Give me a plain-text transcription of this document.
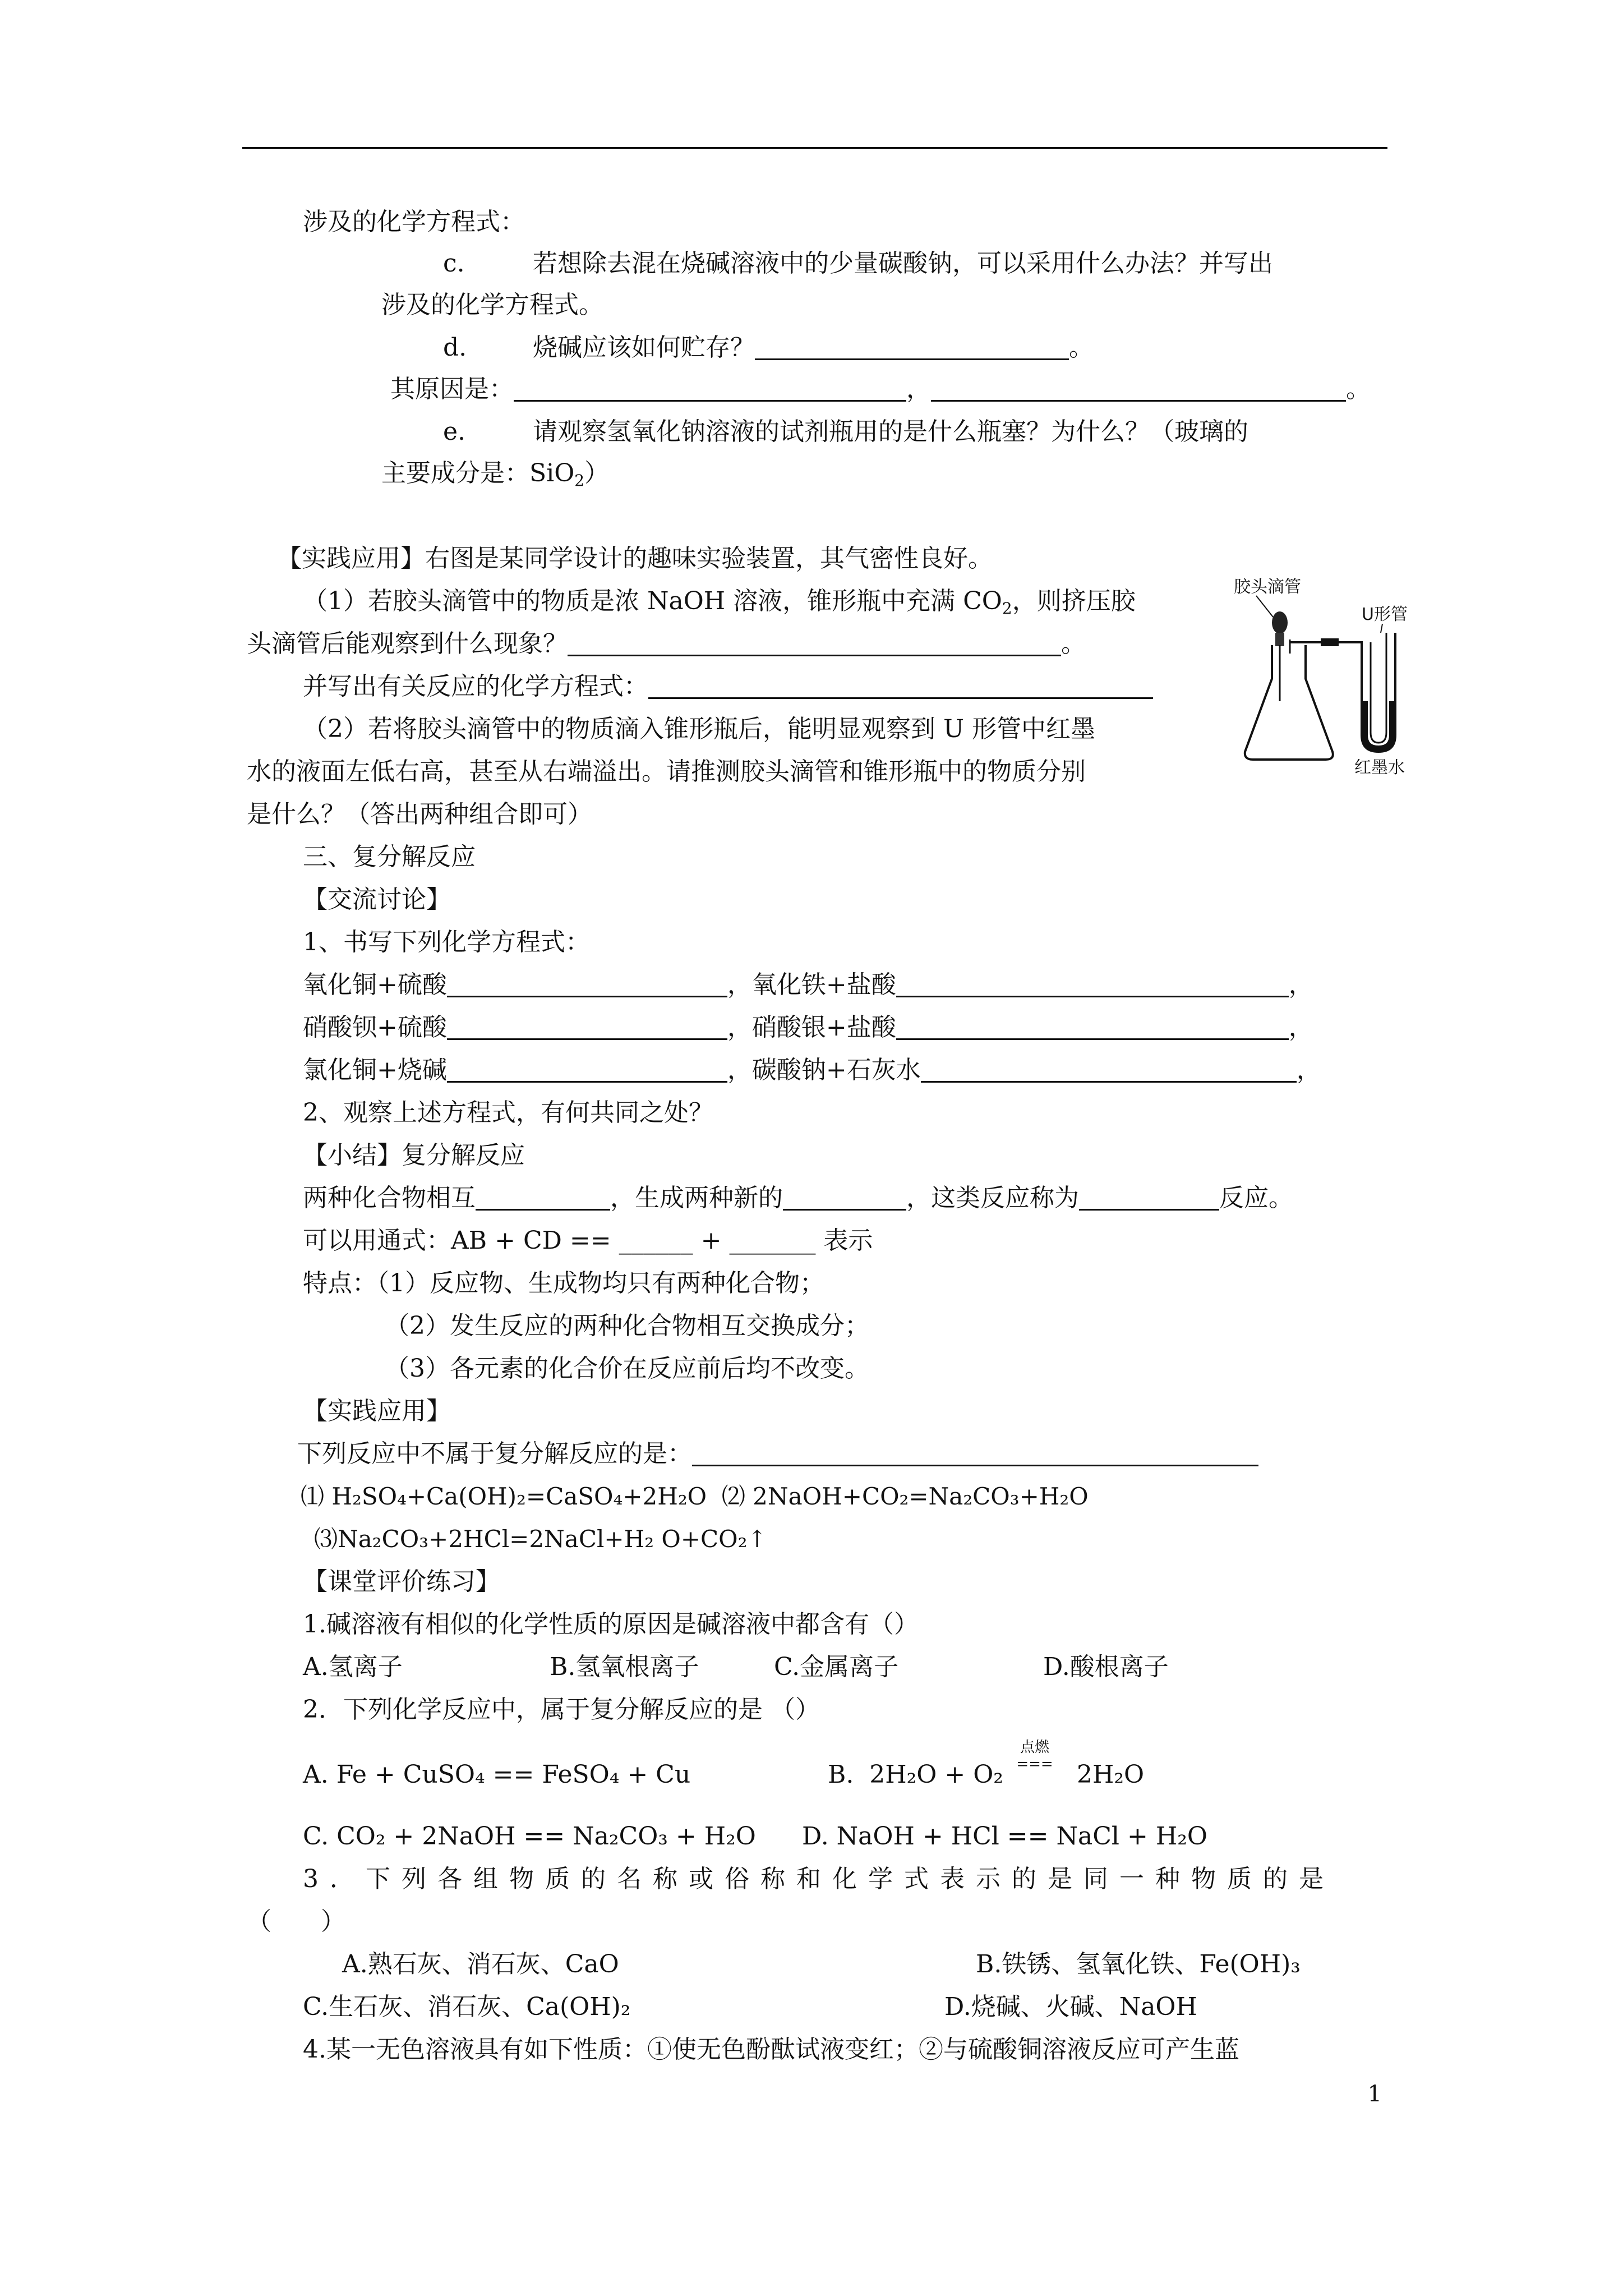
涉及的化学方程式：
c.	若想除去混在烧碱溶液中的少量碳酸钠，可以采用什么办法？并写出
涉及的化学方程式。
d.	烧碱应该如何贮存？	。
其原因是：	，	。
e.	请观察氢氧化钠溶液的试剂瓶用的是什么瓶塞？为什么？（玻璃的
主要成分是：SiO$_2$）
【实践应用】右图是某同学设计的趣味实验装置，其气密性良好。
（1）若胶头滴管中的物质是浓 NaOH 溶液，锥形瓶中充满 $CO_2$，则挤压胶
头滴管后能观察到什么现象？	。
并写出有关反应的化学方程式：
（2）若将胶头滴管中的物质滴入锥形瓶后，能明显观察到 U 形管中红墨
水的液面左低右高，甚至从右端溢出。请推测胶头滴管和锥形瓶中的物质分别
是什么？（答出两种组合即可）
胶头滴管
U形管
红墨水
三、复分解反应
【交流讨论】
1、书写下列化学方程式：
氧化铜+硫酸	，氧化铁+盐酸	，
硝酸钡+硫酸	，硝酸银+盐酸	，
氯化铜+烧碱	，碳酸钠+石灰水	，
2、观察上述方程式，有何共同之处？
【小结】复分解反应
两种化合物相互	，生成两种新的	，这类反应称为	反应。
可以用通式：AB + CD == ______ + _______ 表示
特点：（1）反应物、生成物均只有两种化合物；
（2）发生反应的两种化合物相互交换成分；
（3）各元素的化合价在反应前后均不改变。
【实践应用】
下列反应中不属于复分解反应的是：
⑴ H₂SO₄+Ca(OH)₂=CaSO₄+2H₂O ⑵ 2NaOH+CO₂=Na₂CO₃+H₂O
⑶Na₂CO₃+2HCl=2NaCl+H₂ O+CO₂↑
【课堂评价练习】
1.碱溶液有相似的化学性质的原因是碱溶液中都含有（）
A.氢离子	B.氢氧根离子	C.金属离子	D.酸根离子
2．下列化学反应中，属于复分解反应的是 （）
A. Fe + CuSO₄ == FeSO₄ + Cu	B.  2H₂O + O₂
点燃
=== 2H₂O
C. CO₂ + 2NaOH == Na₂CO₃ + H₂O D. NaOH + HCl == NaCl + H₂O
3．下列各组物质的名称或俗称和化学式表示的是同一种物质的是
（　　）
A.熟石灰、消石灰、CaO	B.铁锈、氢氧化铁、Fe(OH)₃
C.生石灰、消石灰、Ca(OH)₂	D.烧碱、火碱、NaOH
4.某一无色溶液具有如下性质：①使无色酚酞试液变红；②与硫酸铜溶液反应可产生蓝
1
